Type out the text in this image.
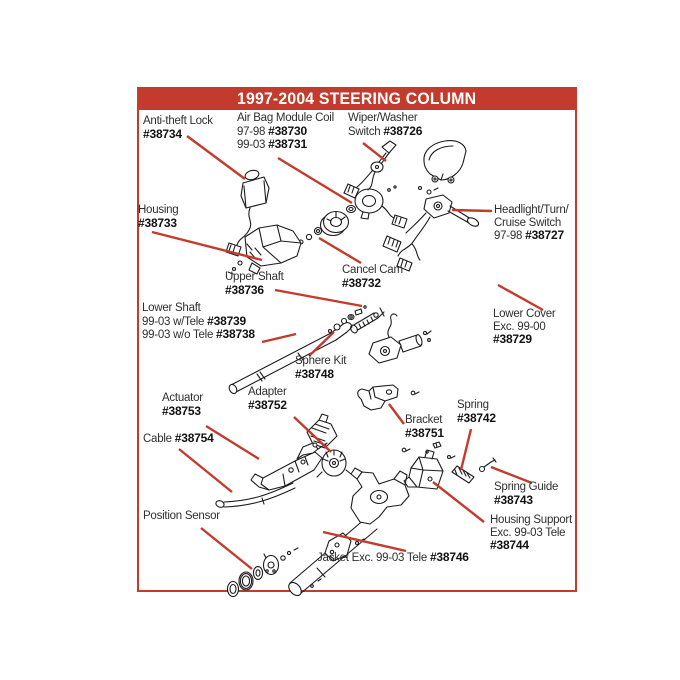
1997-2004 STEERING COLUMN
Anti-theft Lock
#38734
Air Bag Module Coil
97-98 #38730
99-03 #38731
Wiper/Washer
Switch #38726
Headlight/Turn/
Cruise Switch
97-98 #38727
Housing
#38733
Upper Shaft
#38736
Cancel Cam
#38732
Lower Cover
Exc. 99-00
#38729
Lower Shaft
99-03 w/Tele #38739
99-03 w/o Tele #38738
Sphere Kit
#38748
Actuator
#38753
Adapter
#38752
Cable #38754
Bracket
#38751
Spring
#38742
Spring Guide
#38743
Housing Support
Exc. 99-03 Tele
#38744
Position Sensor
Jacket Exc. 99-03 Tele #38746
